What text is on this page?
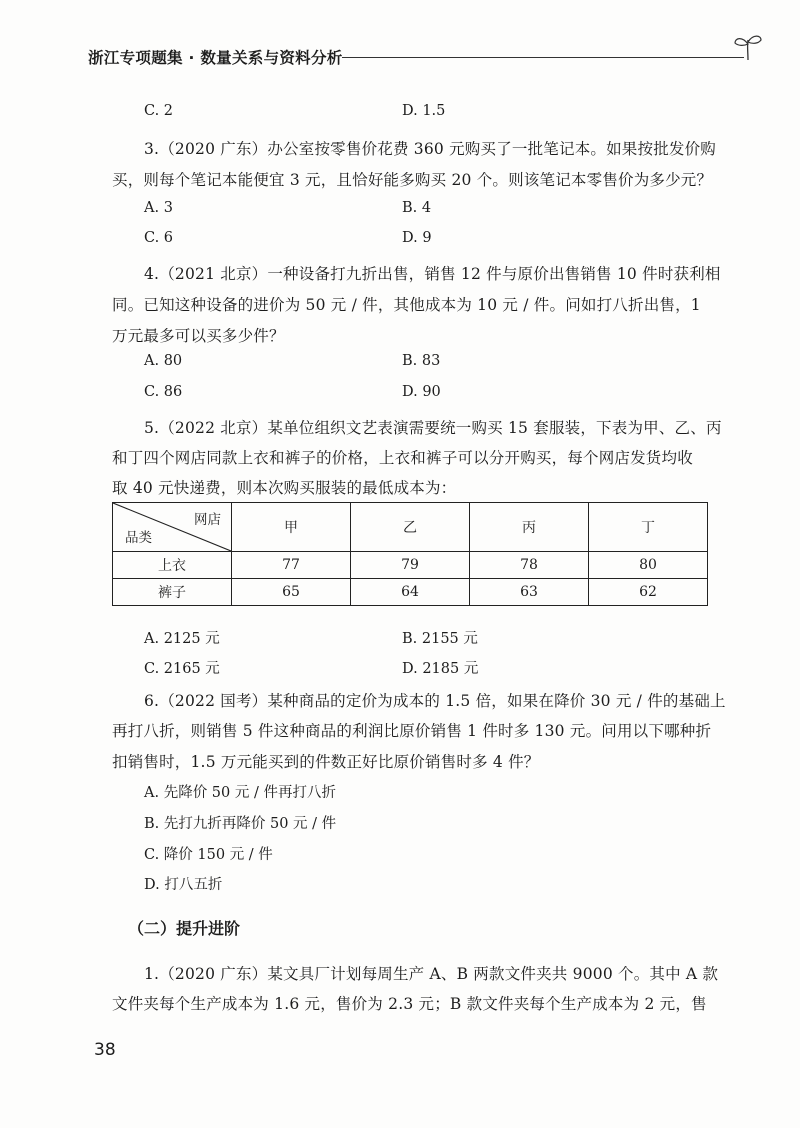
浙江专项题集 · 数量关系与资料分析
C. 2	D. 1.5
3.（2020 广东）办公室按零售价花费 360 元购买了一批笔记本。如果按批发价购
买，则每个笔记本能便宜 3 元，且恰好能多购买 20 个。则该笔记本零售价为多少元？
A. 3	B. 4
C. 6	D. 9
4.（2021 北京）一种设备打九折出售，销售 12 件与原价出售销售 10 件时获利相
同。已知这种设备的进价为 50 元 / 件，其他成本为 10 元 / 件。问如打八折出售，1
万元最多可以买多少件？
A. 80	B. 83
C. 86	D. 90
5.（2022 北京）某单位组织文艺表演需要统一购买 15 套服装，下表为甲、乙、丙
和丁四个网店同款上衣和裤子的价格，上衣和裤子可以分开购买，每个网店发货均收
取 40 元快递费，则本次购买服装的最低成本为：
网店
品类	甲	乙	丙	丁
上衣	77	79	78	80
裤子	65	64	63	62
A. 2125 元	B. 2155 元
C. 2165 元	D. 2185 元
6.（2022 国考）某种商品的定价为成本的 1.5 倍，如果在降价 30 元 / 件的基础上
再打八折，则销售 5 件这种商品的利润比原价销售 1 件时多 130 元。问用以下哪种折
扣销售时，1.5 万元能买到的件数正好比原价销售时多 4 件？
A. 先降价 50 元 / 件再打八折
B. 先打九折再降价 50 元 / 件
C. 降价 150 元 / 件
D. 打八五折
（二）提升进阶
1.（2020 广东）某文具厂计划每周生产 A、B 两款文件夹共 9000 个。其中 A 款
文件夹每个生产成本为 1.6 元，售价为 2.3 元；B 款文件夹每个生产成本为 2 元，售
38
